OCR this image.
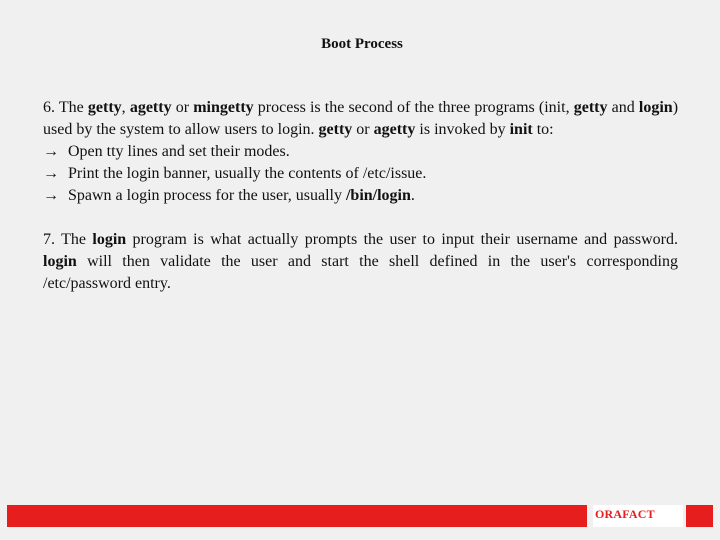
Boot Process

6. The getty, agetty or mingetty process is the second of the three programs (init, getty and login) used by the system to allow users to login. getty or agetty is invoked by init to:
→ Open tty lines and set their modes.
→ Print the login banner, usually the contents of /etc/issue.
→ Spawn a login process for the user, usually /bin/login.

7. The login program is what actually prompts the user to input their username and password. login will then validate the user and start the shell defined in the user's corresponding /etc/password entry.

ORAFACT
